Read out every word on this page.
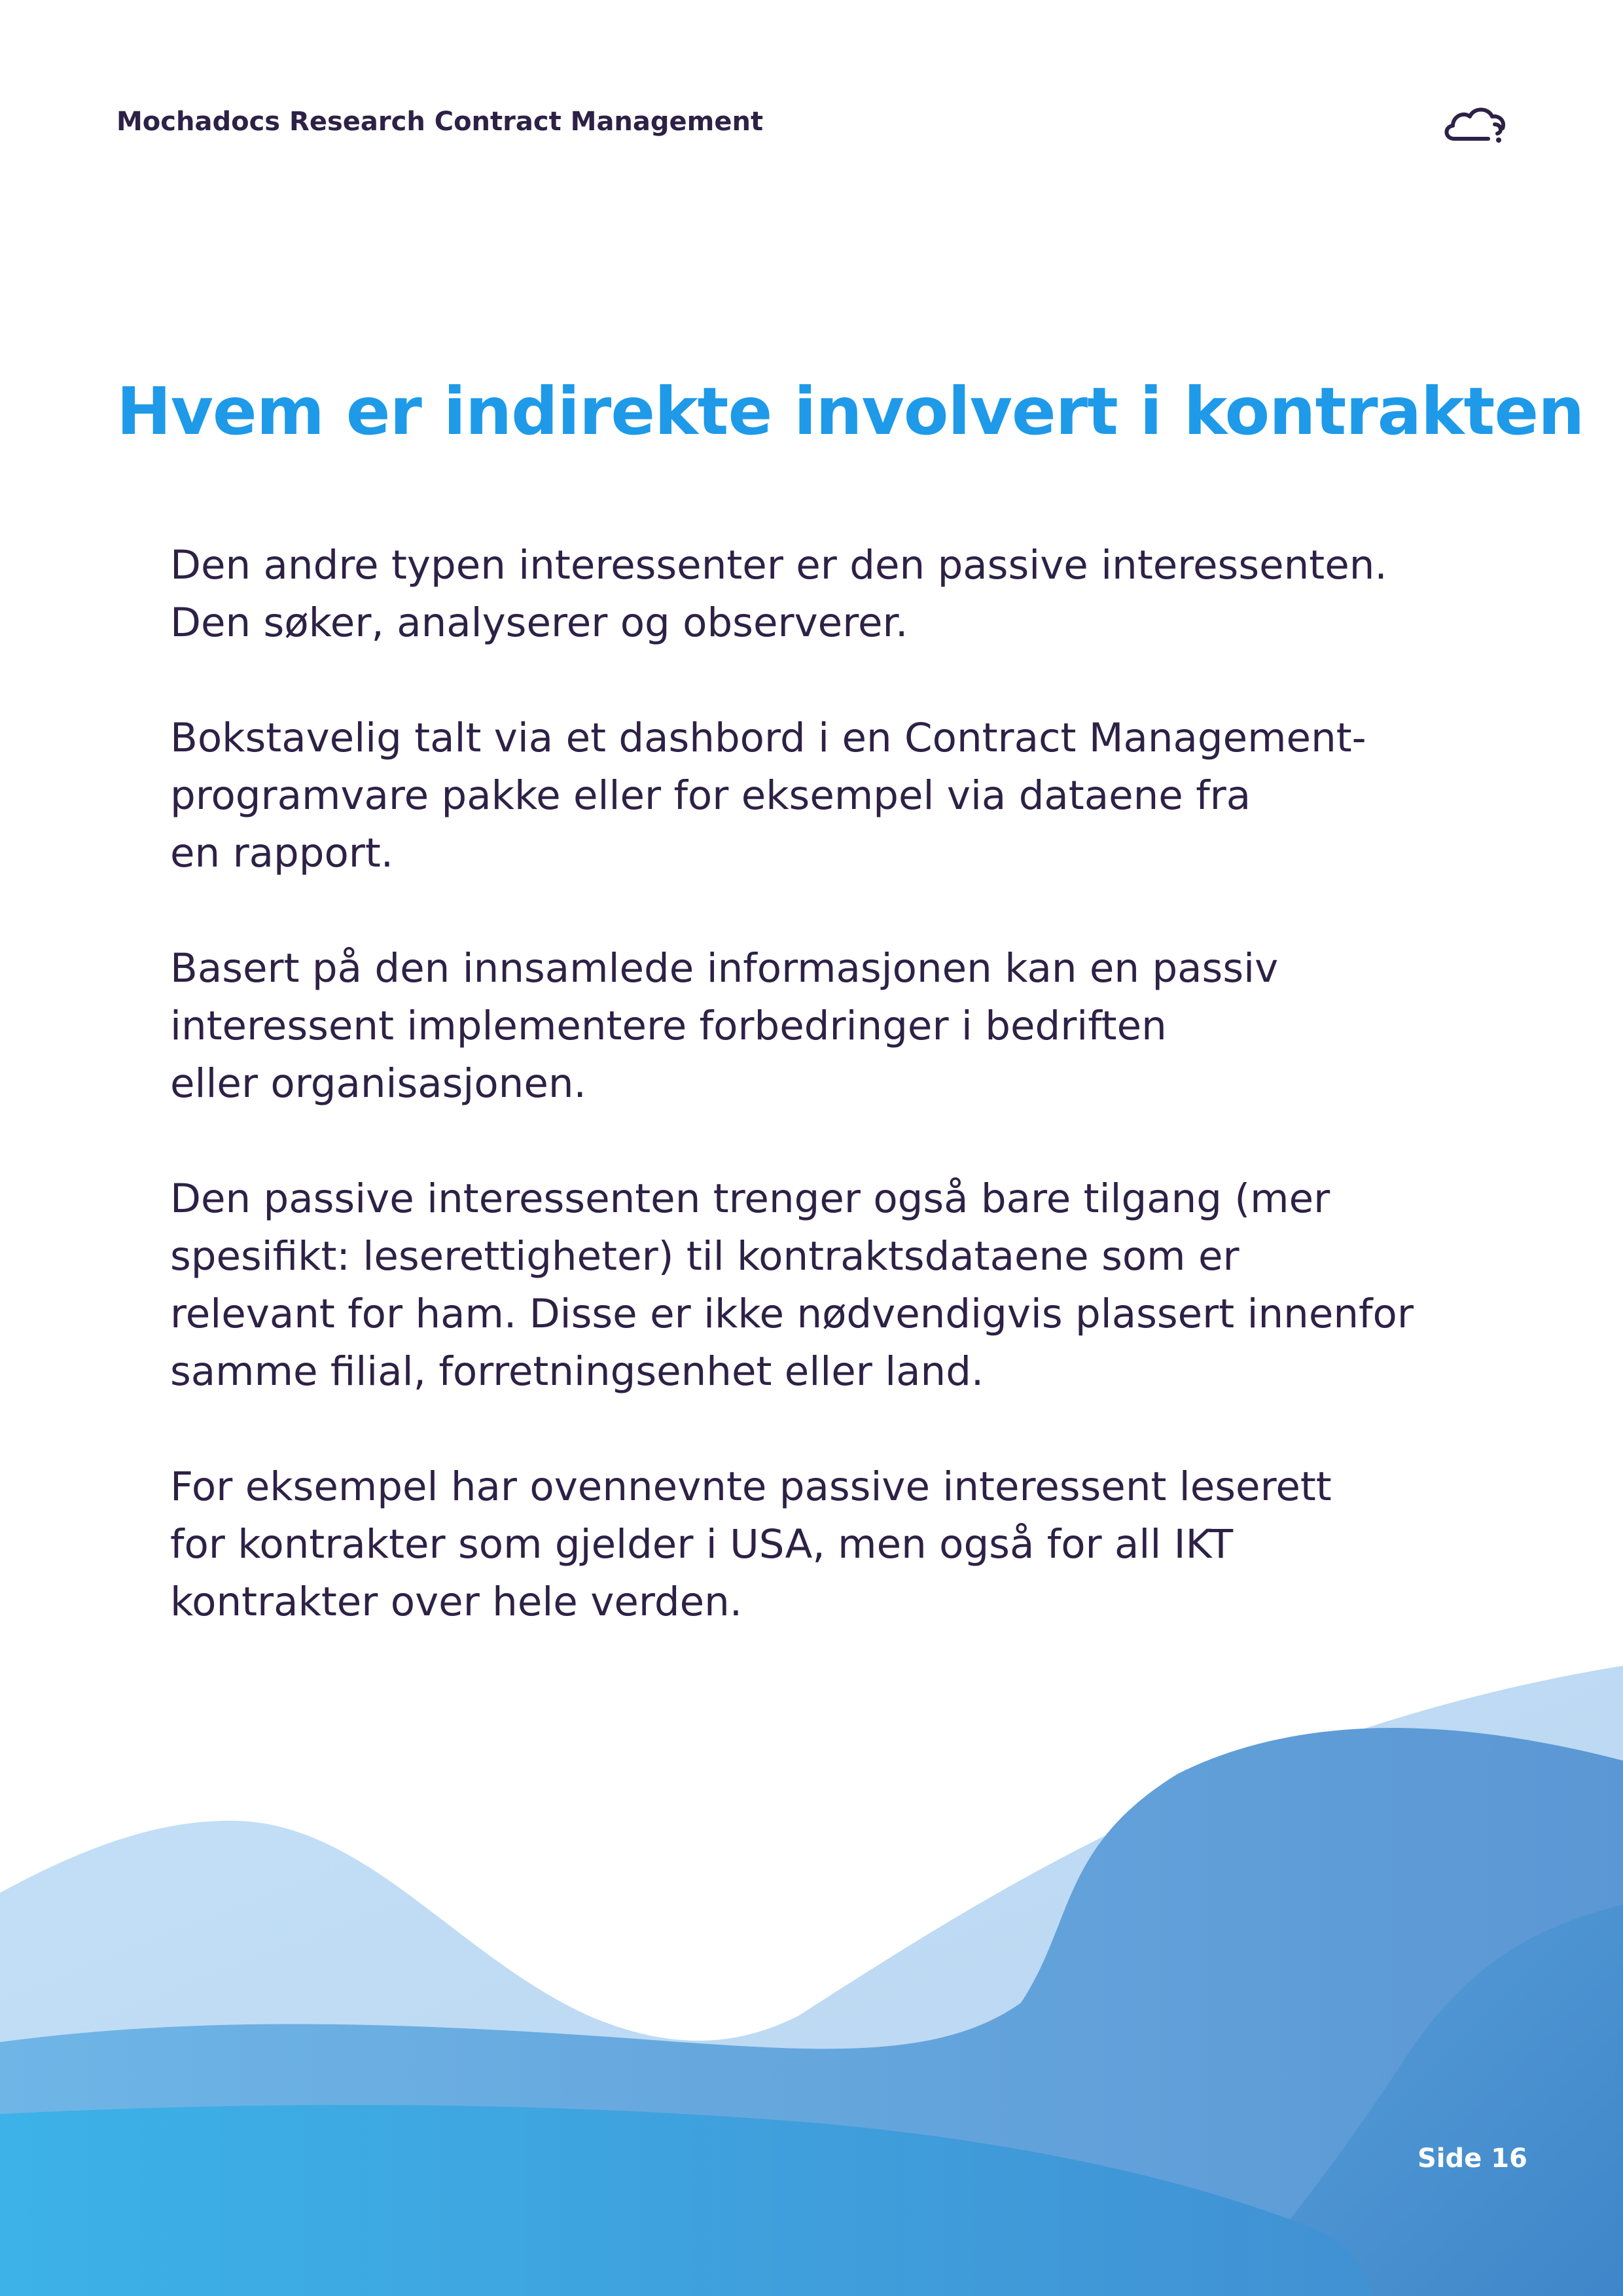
Mochadocs Research Contract Management
Hvem er indirekte involvert i kontrakten

Den andre typen interessenter er den passive interessenten.
Den søker, analyserer og observerer.

Bokstavelig talt via et dashbord i en Contract Management-
programvare pakke eller for eksempel via dataene fra
en rapport.

Basert på den innsamlede informasjonen kan en passiv
interessent implementere forbedringer i bedriften
eller organisasjonen.

Den passive interessenten trenger også bare tilgang (mer
spesifikt: leserettigheter) til kontraktsdataene som er
relevant for ham. Disse er ikke nødvendigvis plassert innenfor
samme filial, forretningsenhet eller land.

For eksempel har ovennevnte passive interessent leserett
for kontrakter som gjelder i USA, men også for all IKT
kontrakter over hele verden.

Side 16
